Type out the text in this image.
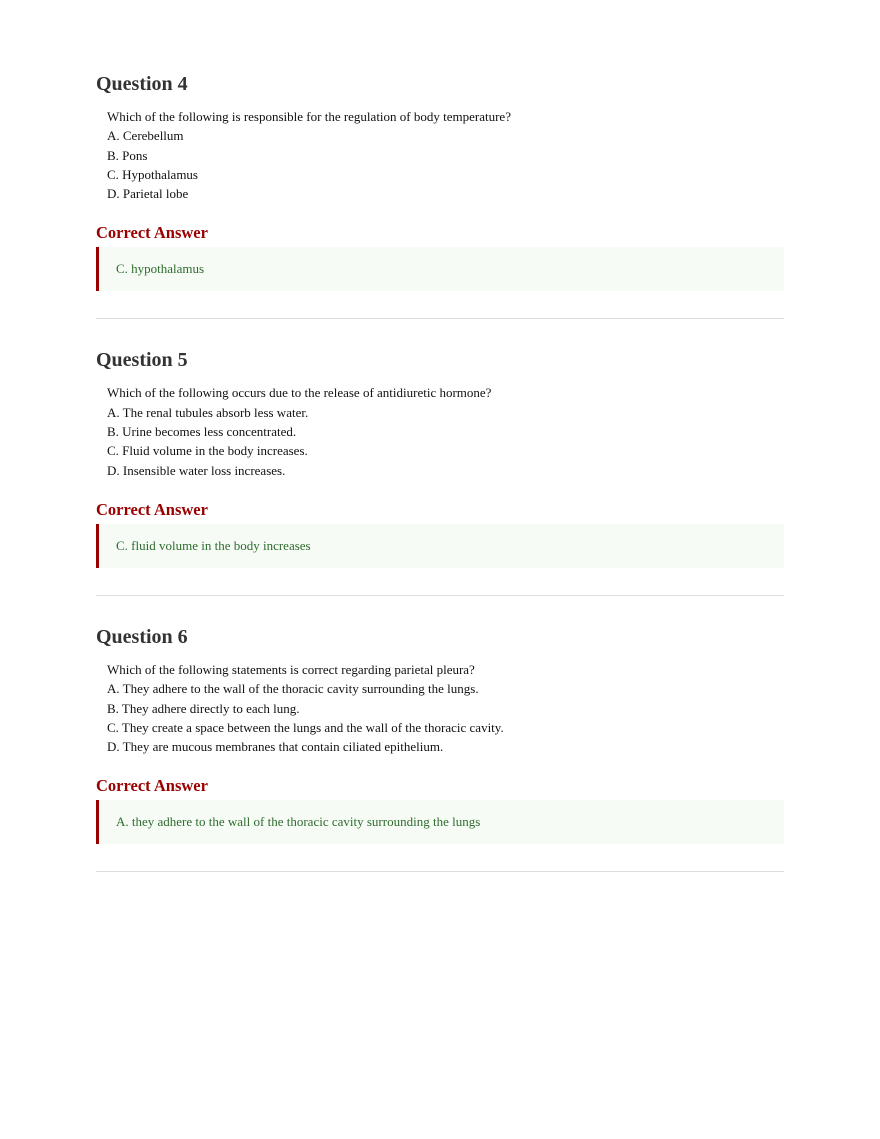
Question 4
Which of the following is responsible for the regulation of body temperature?
A. Cerebellum
B. Pons
C. Hypothalamus
D. Parietal lobe
Correct Answer
C. hypothalamus
Question 5
Which of the following occurs due to the release of antidiuretic hormone?
A. The renal tubules absorb less water.
B. Urine becomes less concentrated.
C. Fluid volume in the body increases.
D. Insensible water loss increases.
Correct Answer
C. fluid volume in the body increases
Question 6
Which of the following statements is correct regarding parietal pleura?
A. They adhere to the wall of the thoracic cavity surrounding the lungs.
B. They adhere directly to each lung.
C. They create a space between the lungs and the wall of the thoracic cavity.
D. They are mucous membranes that contain ciliated epithelium.
Correct Answer
A. they adhere to the wall of the thoracic cavity surrounding the lungs
